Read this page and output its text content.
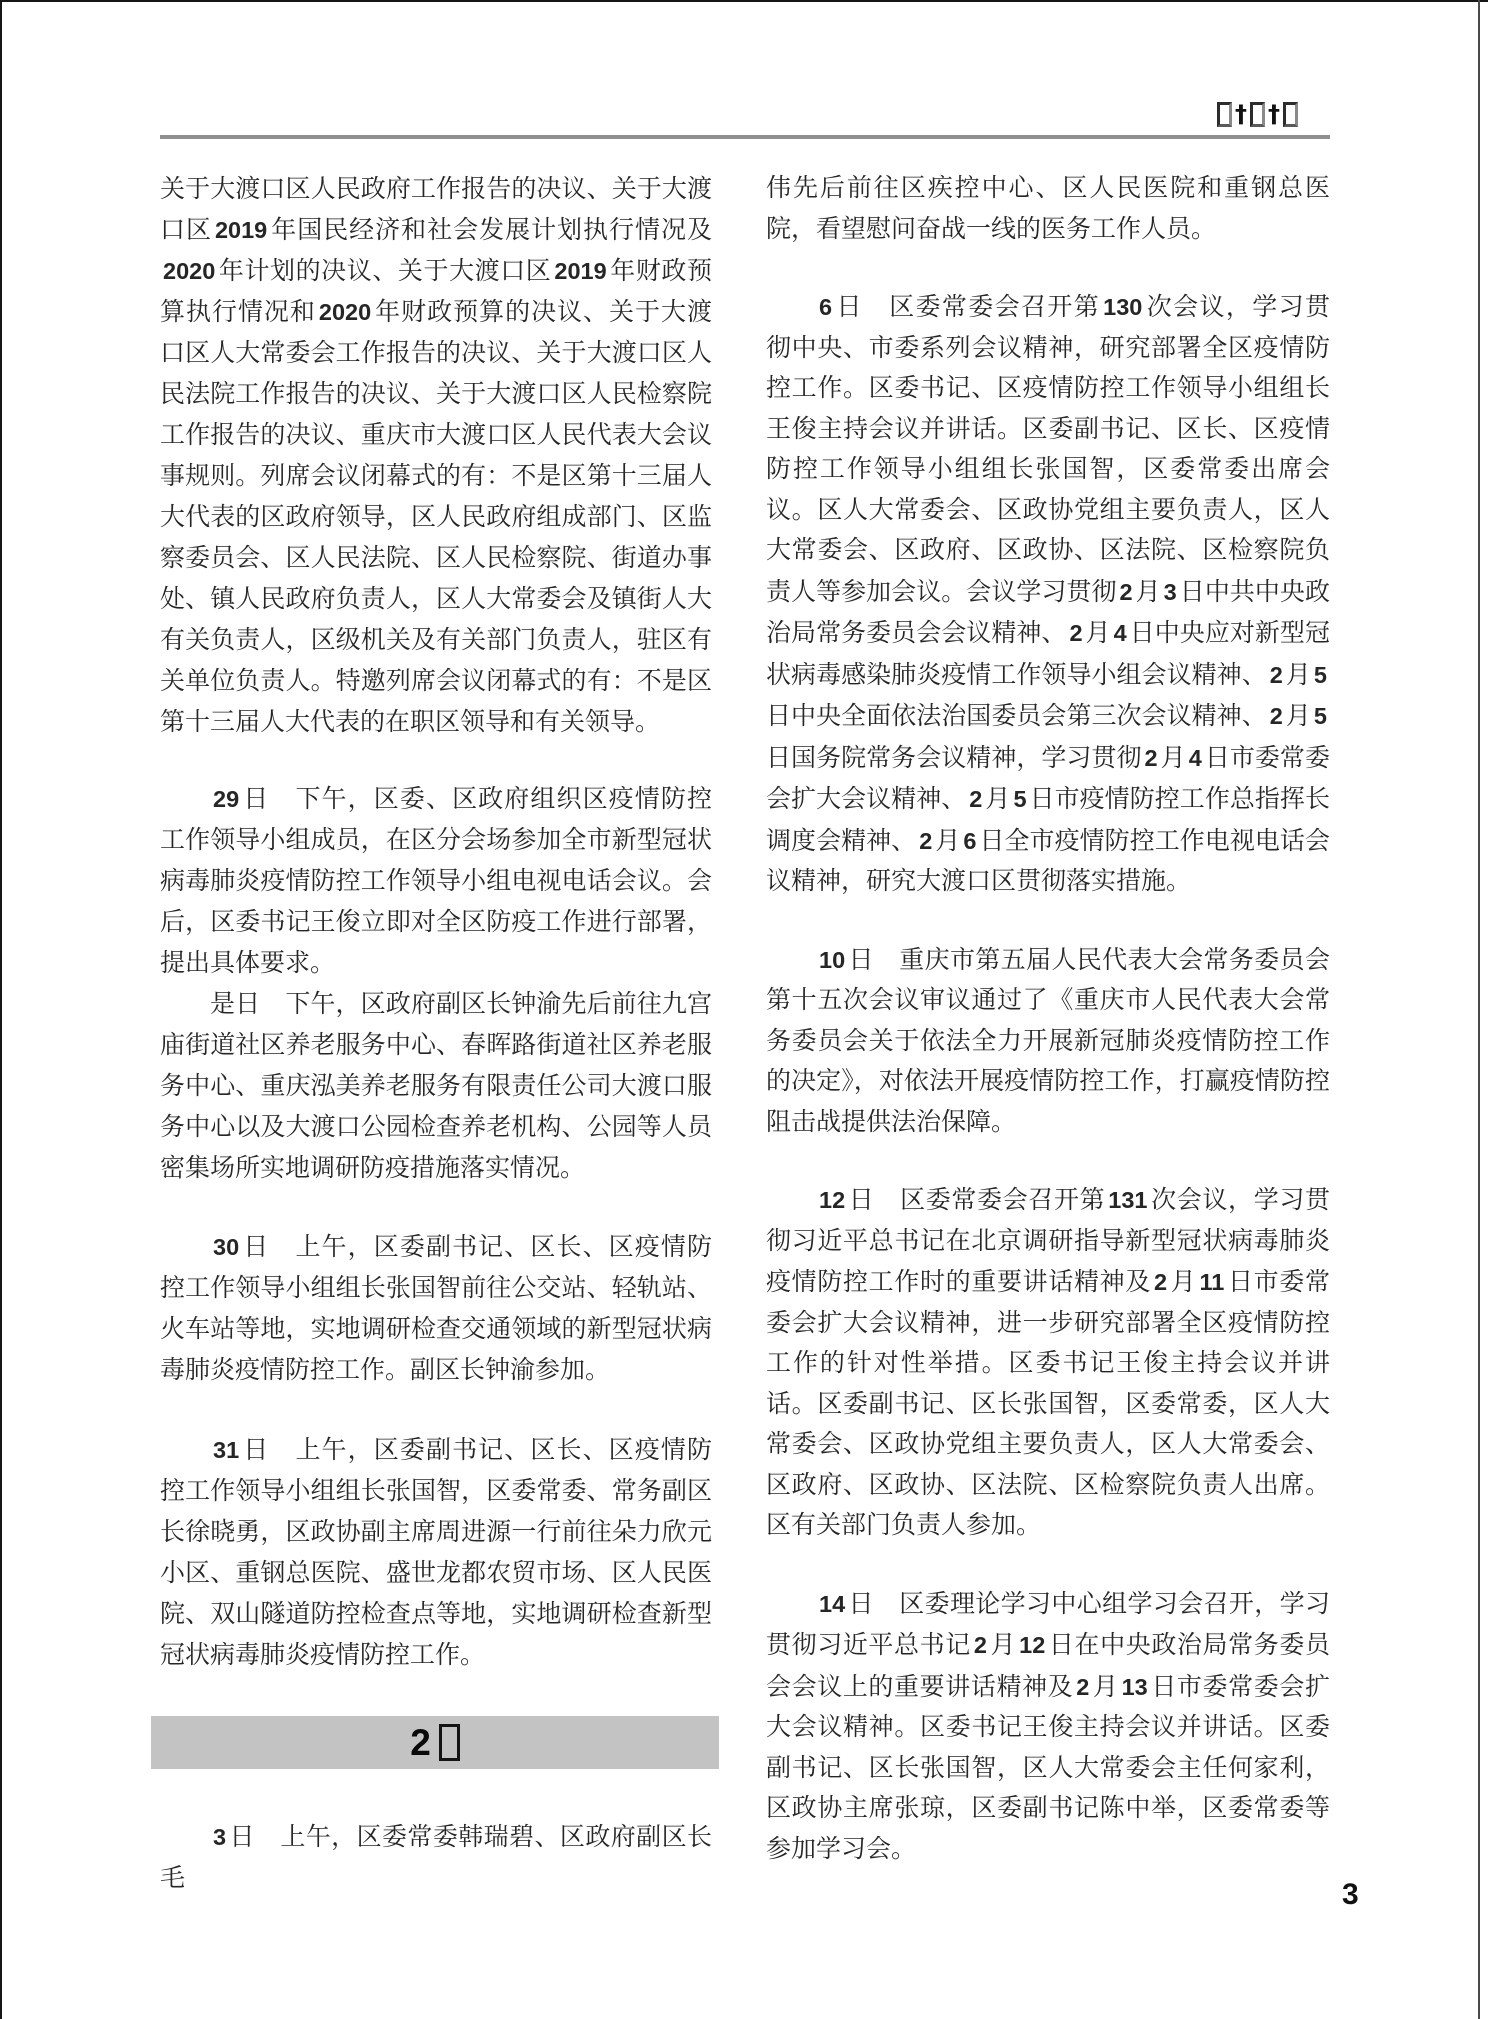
† †

关于大渡口区人民政府工作报告的决议、关于大渡口区 2019 年国民经济和社会发展计划执行情况及2020 年计划的决议、关于大渡口区 2019 年财政预算执行情况和 2020 年财政预算的决议、关于大渡口区人大常委会工作报告的决议、关于大渡口区人民法院工作报告的决议、关于大渡口区人民检察院工作报告的决议、重庆市大渡口区人民代表大会议事规则。列席会议闭幕式的有：不是区第十三届人大代表的区政府领导，区人民政府组成部门、区监察委员会、区人民法院、区人民检察院、街道办事处、镇人民政府负责人，区人大常委会及镇街人大有关负责人，区级机关及有关部门负责人，驻区有关单位负责人。特邀列席会议闭幕式的有：不是区第十三届人大代表的在职区领导和有关领导。

29 日　下午，区委、区政府组织区疫情防控工作领导小组成员，在区分会场参加全市新型冠状病毒肺炎疫情防控工作领导小组电视电话会议。会后，区委书记王俊立即对全区防疫工作进行部署，提出具体要求。

是日　下午，区政府副区长钟渝先后前往九宫庙街道社区养老服务中心、春晖路街道社区养老服务中心、重庆泓美养老服务有限责任公司大渡口服务中心以及大渡口公园检查养老机构、公园等人员密集场所实地调研防疫措施落实情况。

30 日　上午，区委副书记、区长、区疫情防控工作领导小组组长张国智前往公交站、轻轨站、火车站等地，实地调研检查交通领域的新型冠状病毒肺炎疫情防控工作。副区长钟渝参加。

31 日　上午，区委副书记、区长、区疫情防控工作领导小组组长张国智，区委常委、常务副区长徐晓勇，区政协副主席周进源一行前往朵力欣元小区、重钢总医院、盛世龙都农贸市场、区人民医院、双山隧道防控检查点等地，实地调研检查新型冠状病毒肺炎疫情防控工作。

2

3 日　上午，区委常委韩瑞碧、区政府副区长毛

伟先后前往区疾控中心、区人民医院和重钢总医院，看望慰问奋战一线的医务工作人员。

6 日　区委常委会召开第 130 次会议，学习贯彻中央、市委系列会议精神，研究部署全区疫情防控工作。区委书记、区疫情防控工作领导小组组长王俊主持会议并讲话。区委副书记、区长、区疫情防控工作领导小组组长张国智，区委常委出席会议。区人大常委会、区政协党组主要负责人，区人大常委会、区政府、区政协、区法院、区检察院负责人等参加会议。会议学习贯彻 2 月 3 日中共中央政治局常务委员会会议精神、 2 月 4 日中央应对新型冠状病毒感染肺炎疫情工作领导小组会议精神、 2 月 5日中央全面依法治国委员会第三次会议精神、 2 月 5日国务院常务会议精神，学习贯彻 2 月 4 日市委常委会扩大会议精神、 2 月 5 日市疫情防控工作总指挥长调度会精神、 2 月 6 日全市疫情防控工作电视电话会议精神，研究大渡口区贯彻落实措施。

10 日　重庆市第五届人民代表大会常务委员会第十五次会议审议通过了《重庆市人民代表大会常务委员会关于依法全力开展新冠肺炎疫情防控工作的决定》，对依法开展疫情防控工作，打赢疫情防控阻击战提供法治保障。

12 日　区委常委会召开第 131 次会议，学习贯彻习近平总书记在北京调研指导新型冠状病毒肺炎疫情防控工作时的重要讲话精神及 2 月 11 日市委常委会扩大会议精神，进一步研究部署全区疫情防控工作的针对性举措。区委书记王俊主持会议并讲话。区委副书记、区长张国智，区委常委，区人大常委会、区政协党组主要负责人，区人大常委会、区政府、区政协、区法院、区检察院负责人出席。区有关部门负责人参加。

14 日　区委理论学习中心组学习会召开，学习贯彻习近平总书记 2 月 12 日在中央政治局常务委员会会议上的重要讲话精神及 2 月 13 日市委常委会扩大会议精神。区委书记王俊主持会议并讲话。区委副书记、区长张国智，区人大常委会主任何家利，区政协主席张琼，区委副书记陈中举，区委常委等参加学习会。

3
